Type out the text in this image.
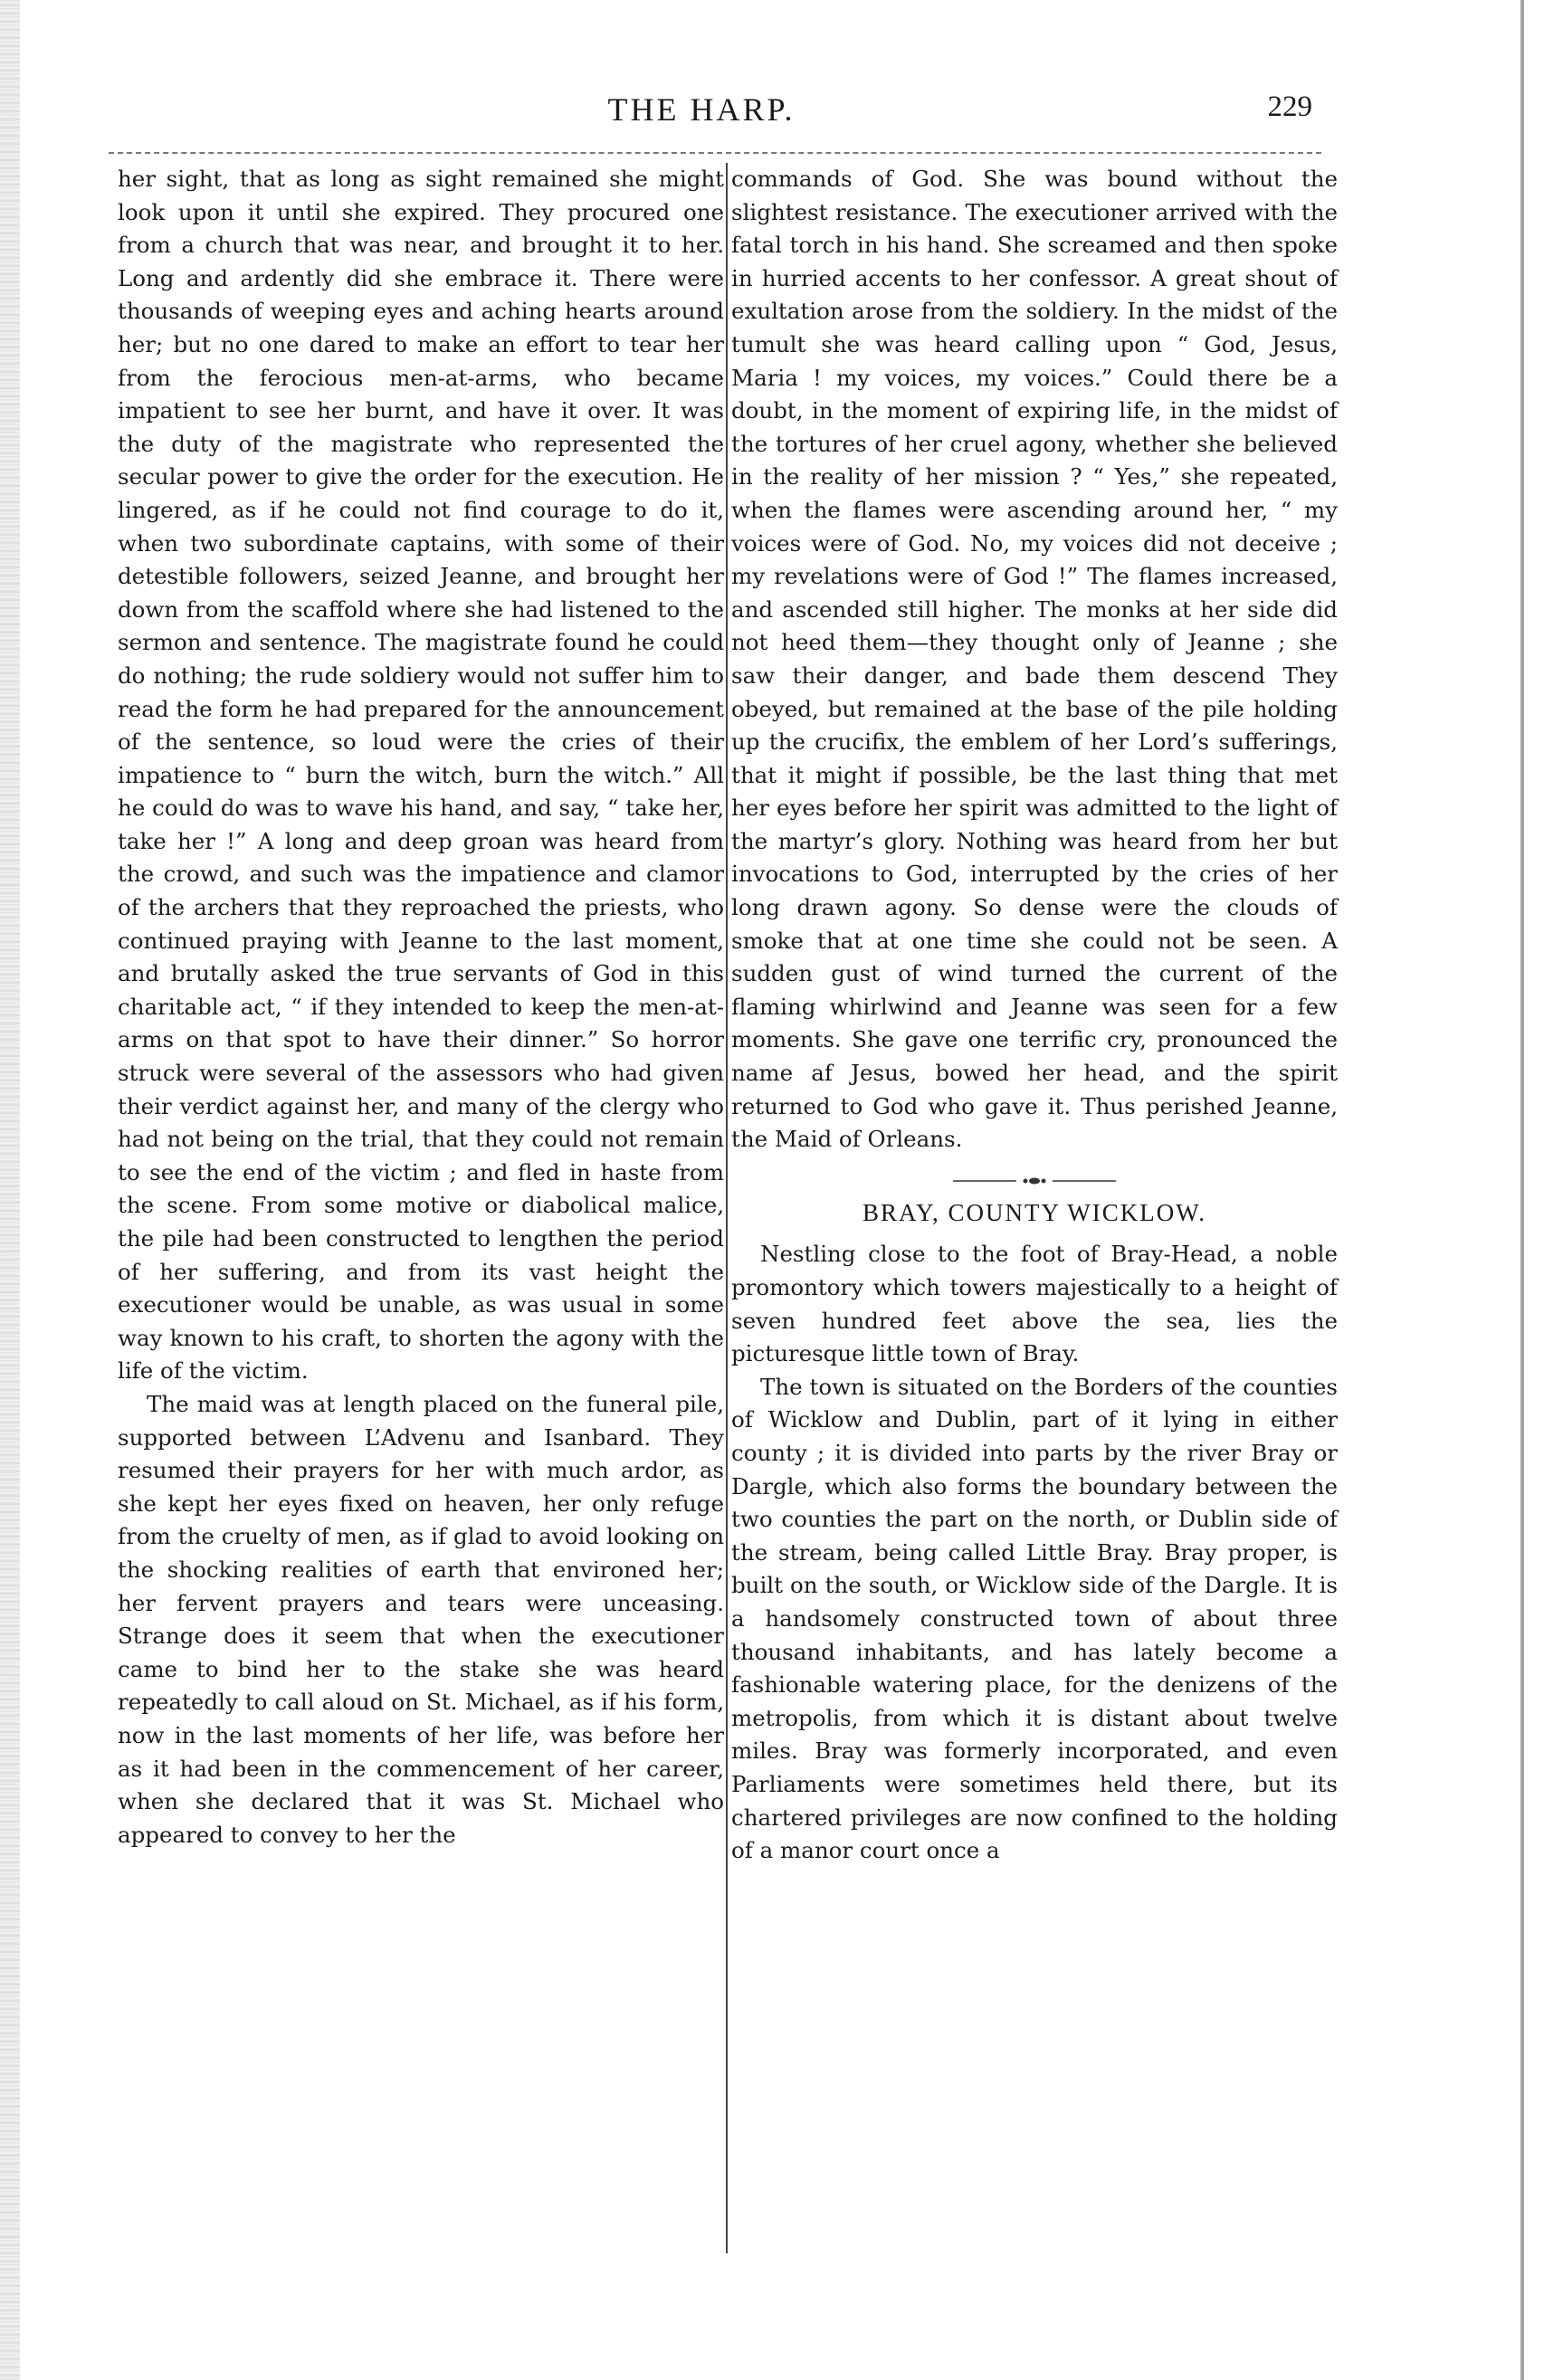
THE HARP.	229

her sight, that as long as sight remained she might look upon it until she expired. They procured one from a church that was near, and brought it to her. Long and ardently did she embrace it. There were thousands of weeping eyes and aching hearts around her; but no one dared to make an effort to tear her from the ferocious men-at-arms, who became impatient to see her burnt, and have it over. It was the duty of the magistrate who represented the secular power to give the order for the execution. He lingered, as if he could not find courage to do it, when two subordinate captains, with some of their detestible followers, seized Jeanne, and brought her down from the scaffold where she had listened to the sermon and sentence. The magistrate found he could do nothing; the rude soldiery would not suffer him to read the form he had prepared for the announcement of the sentence, so loud were the cries of their impatience to “ burn the witch, burn the witch.” All he could do was to wave his hand, and say, “ take her, take her !” A long and deep groan was heard from the crowd, and such was the impatience and clamor of the archers that they reproached the priests, who continued praying with Jeanne to the last moment, and brutally asked the true servants of God in this charitable act, “ if they intended to keep the men-at-arms on that spot to have their dinner.” So horror struck were several of the assessors who had given their verdict against her, and many of the clergy who had not being on the trial, that they could not remain to see the end of the victim ; and fled in haste from the scene. From some motive or diabolical malice, the pile had been constructed to lengthen the period of her suffering, and from its vast height the executioner would be unable, as was usual in some way known to his craft, to shorten the agony with the life of the victim.

The maid was at length placed on the funeral pile, supported between L’Advenu and Isanbard. They resumed their prayers for her with much ardor, as she kept her eyes fixed on heaven, her only refuge from the cruelty of men, as if glad to avoid looking on the shocking realities of earth that environed her; her fervent prayers and tears were unceasing. Strange does it seem that when the executioner came to bind her to the stake she was heard repeatedly to call aloud on St. Michael, as if his form, now in the last moments of her life, was before her as it had been in the commencement of her career, when she declared that it was St. Michael who appeared to convey to her the

commands of God. She was bound without the slightest resistance. The executioner arrived with the fatal torch in his hand. She screamed and then spoke in hurried accents to her confessor. A great shout of exultation arose from the soldiery. In the midst of the tumult she was heard calling upon “ God, Jesus, Maria ! my voices, my voices.” Could there be a doubt, in the moment of expiring life, in the midst of the tortures of her cruel agony, whether she believed in the reality of her mission ? “ Yes,” she repeated, when the flames were ascending around her, “ my voices were of God. No, my voices did not deceive ; my revelations were of God !” The flames increased, and ascended still higher. The monks at her side did not heed them—they thought only of Jeanne ; she saw their danger, and bade them descend They obeyed, but remained at the base of the pile holding up the crucifix, the emblem of her Lord’s sufferings, that it might if possible, be the last thing that met her eyes before her spirit was admitted to the light of the martyr’s glory. Nothing was heard from her but invocations to God, interrupted by the cries of her long drawn agony. So dense were the clouds of smoke that at one time she could not be seen. A sudden gust of wind turned the current of the flaming whirlwind and Jeanne was seen for a few moments. She gave one terrific cry, pronounced the name af Jesus, bowed her head, and the spirit returned to God who gave it. Thus perished Jeanne, the Maid of Orleans.

BRAY, COUNTY WICKLOW.

Nestling close to the foot of Bray-Head, a noble promontory which towers majestically to a height of seven hundred feet above the sea, lies the picturesque little town of Bray.

The town is situated on the Borders of the counties of Wicklow and Dublin, part of it lying in either county ; it is divided into parts by the river Bray or Dargle, which also forms the boundary between the two counties the part on the north, or Dublin side of the stream, being called Little Bray. Bray proper, is built on the south, or Wicklow side of the Dargle. It is a handsomely constructed town of about three thousand inhabitants, and has lately become a fashionable watering place, for the denizens of the metropolis, from which it is distant about twelve miles. Bray was formerly incorporated, and even Parliaments were sometimes held there, but its chartered privileges are now confined to the holding of a manor court once a
